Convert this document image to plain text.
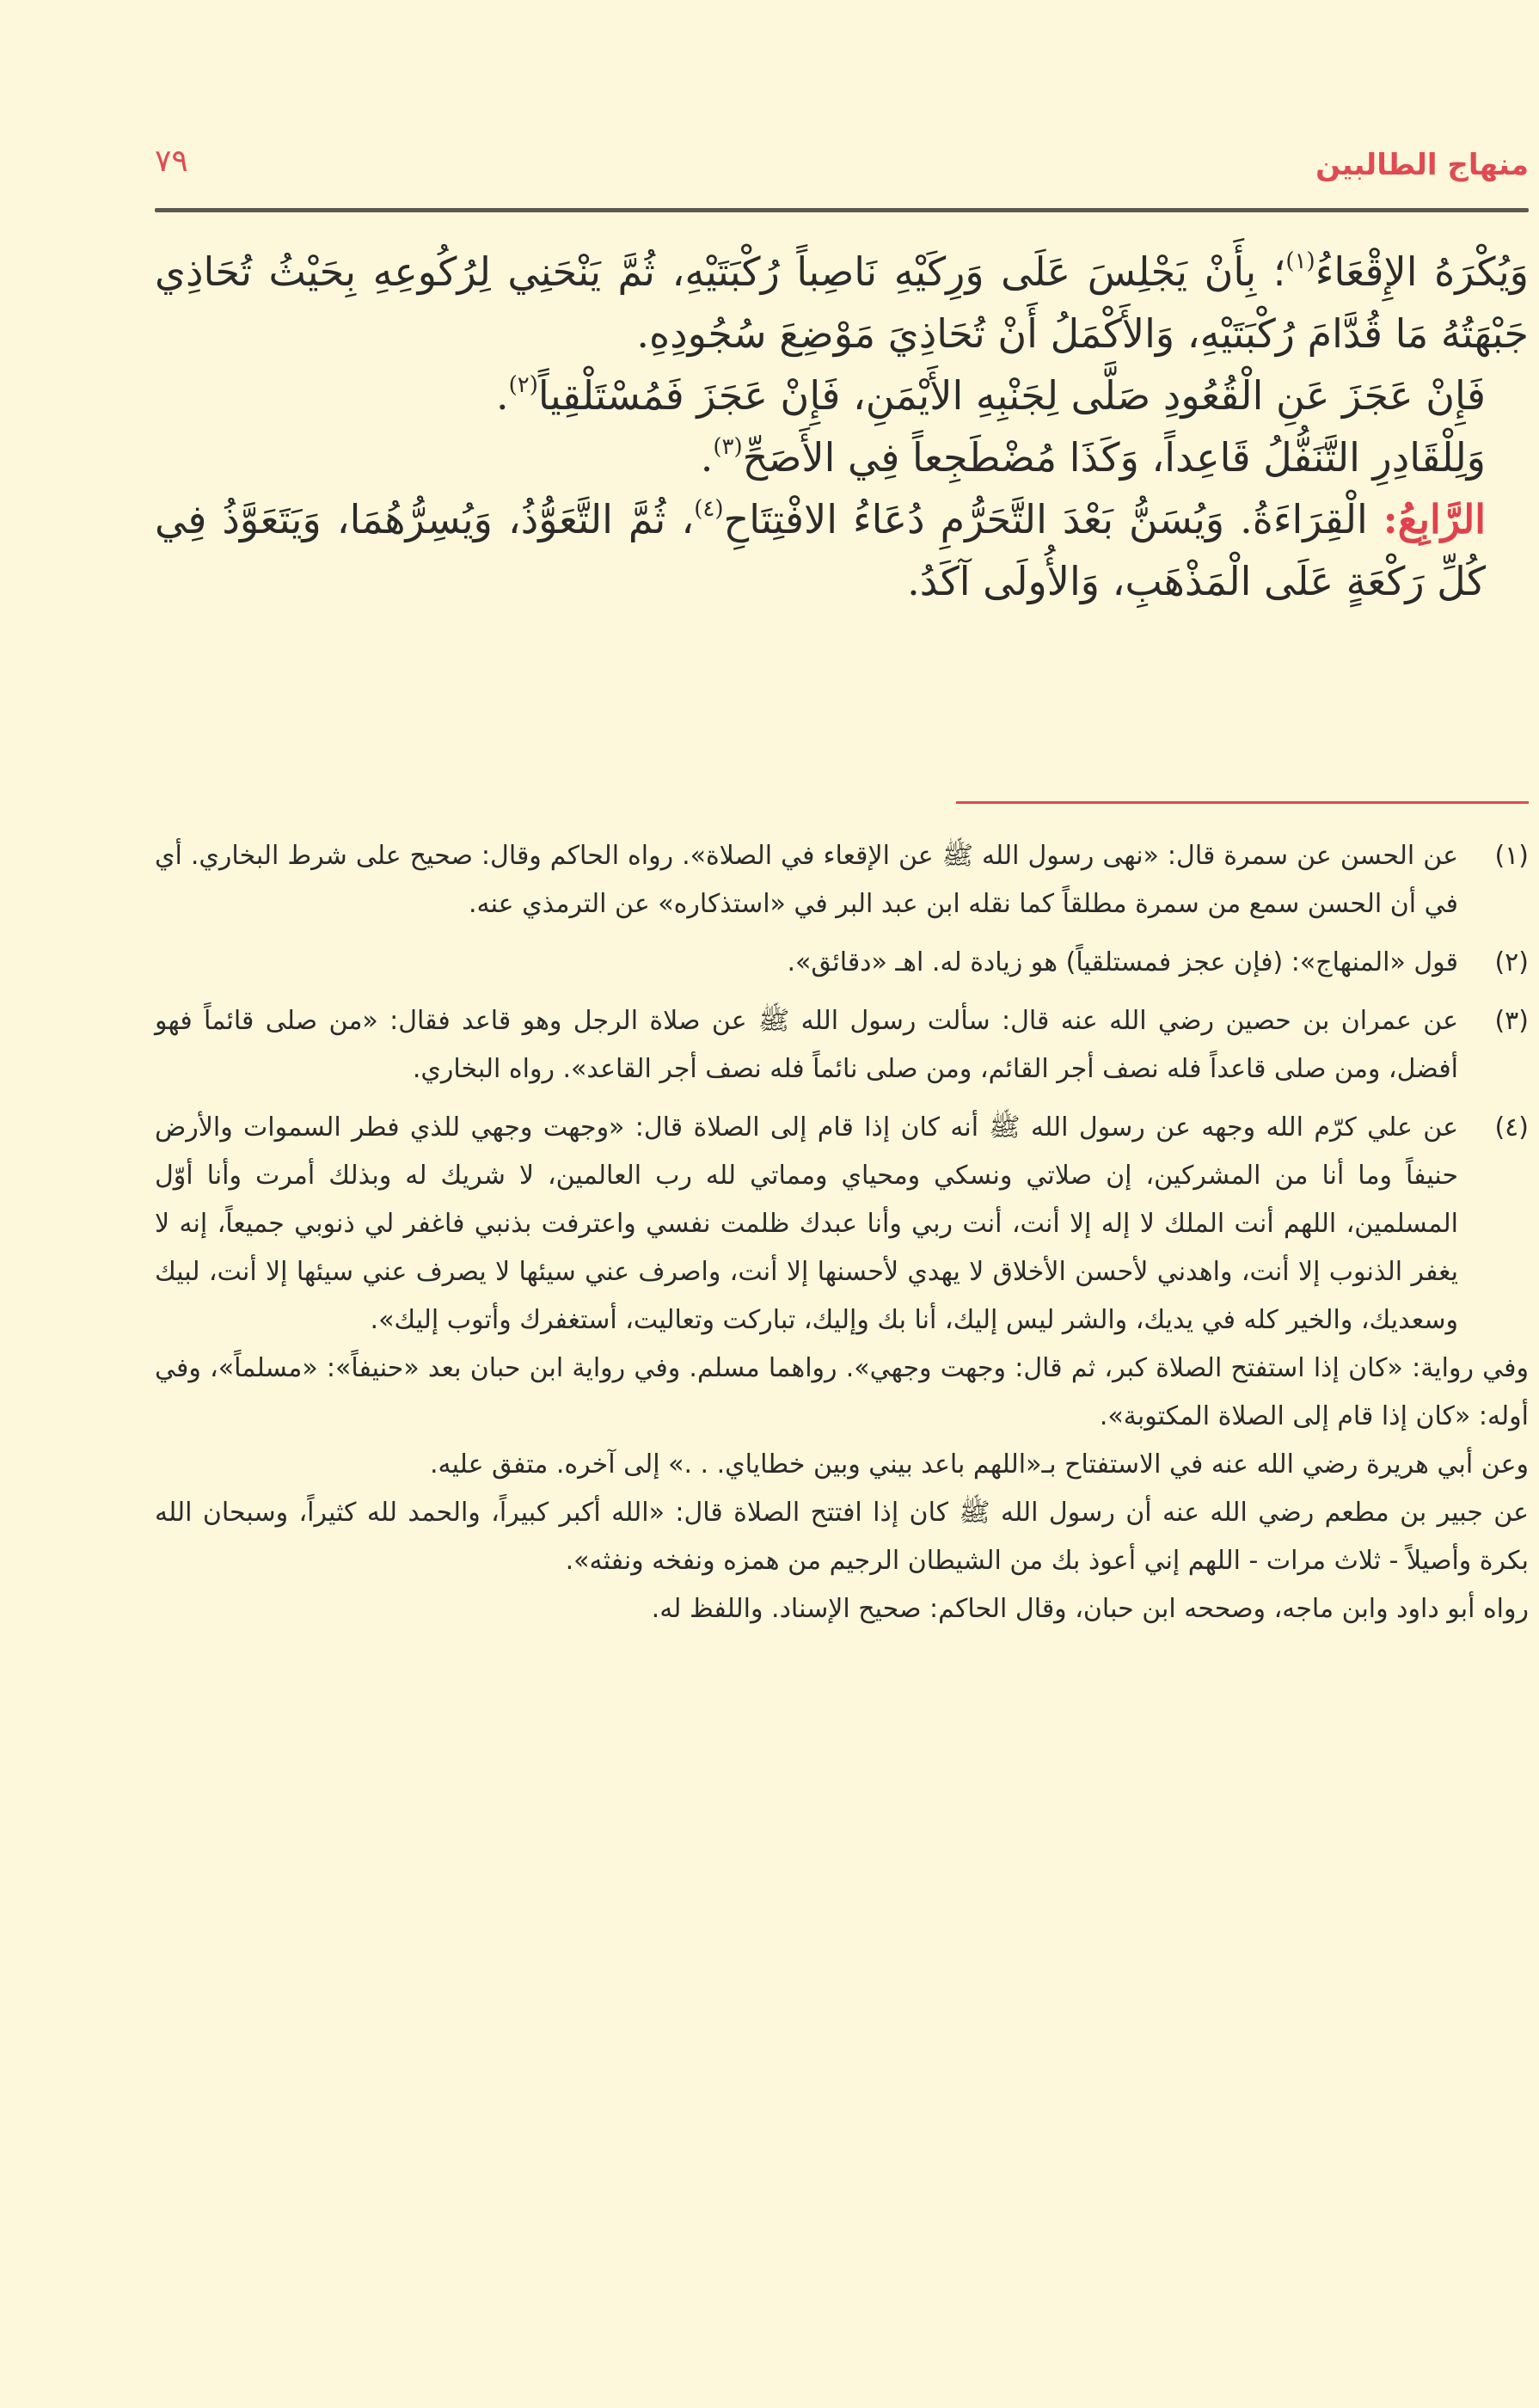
منهاج الطالبين
٧٩

وَيُكْرَهُ الإِقْعَاءُ$^{(١)}$؛ بِأَنْ يَجْلِسَ عَلَى وَرِكَيْهِ نَاصِباً رُكْبَتَيْهِ، ثُمَّ يَنْحَنِي لِرُكُوعِهِ بِحَيْثُ تُحَاذِي جَبْهَتُهُ مَا قُدَّامَ رُكْبَتَيْهِ، وَالأَكْمَلُ أَنْ تُحَاذِيَ مَوْضِعَ سُجُودِهِ.

فَإِنْ عَجَزَ عَنِ الْقُعُودِ صَلَّى لِجَنْبِهِ الأَيْمَنِ، فَإِنْ عَجَزَ فَمُسْتَلْقِياً$^{(٢)}$.

وَلِلْقَادِرِ التَّنَفُّلُ قَاعِداً، وَكَذَا مُضْطَجِعاً فِي الأَصَحِّ$^{(٣)}$.

الرَّابِعُ: الْقِرَاءَةُ. وَيُسَنُّ بَعْدَ التَّحَرُّمِ دُعَاءُ الافْتِتَاحِ$^{(٤)}$، ثُمَّ التَّعَوُّذُ، وَيُسِرُّهُمَا، وَيَتَعَوَّذُ فِي كُلِّ رَكْعَةٍ عَلَى الْمَذْهَبِ، وَالأُولَى آكَدُ.

(١)

عن الحسن عن سمرة قال: «نهى رسول الله ﷺ عن الإقعاء في الصلاة». رواه الحاكم وقال: صحيح على شرط البخاري. أي في أن الحسن سمع من سمرة مطلقاً كما نقله ابن عبد البر في «استذكاره» عن الترمذي عنه.

(٢)

قول «المنهاج»: (فإن عجز فمستلقياً) هو زيادة له. اهـ «دقائق».

(٣)

عن عمران بن حصين رضي الله عنه قال: سألت رسول الله ﷺ عن صلاة الرجل وهو قاعد فقال: «من صلى قائماً فهو أفضل، ومن صلى قاعداً فله نصف أجر القائم، ومن صلى نائماً فله نصف أجر القاعد». رواه البخاري.

(٤)

عن علي كرّم الله وجهه عن رسول الله ﷺ أنه كان إذا قام إلى الصلاة قال: «وجهت وجهي للذي فطر السموات والأرض حنيفاً وما أنا من المشركين، إن صلاتي ونسكي ومحياي ومماتي لله رب العالمين، لا شريك له وبذلك أمرت وأنا أوّل المسلمين، اللهم أنت الملك لا إله إلا أنت، أنت ربي وأنا عبدك ظلمت نفسي واعترفت بذنبي فاغفر لي ذنوبي جميعاً، إنه لا يغفر الذنوب إلا أنت، واهدني لأحسن الأخلاق لا يهدي لأحسنها إلا أنت، واصرف عني سيئها لا يصرف عني سيئها إلا أنت، لبيك وسعديك، والخير كله في يديك، والشر ليس إليك، أنا بك وإليك، تباركت وتعاليت، أستغفرك وأتوب إليك».

وفي رواية: «كان إذا استفتح الصلاة كبر، ثم قال: وجهت وجهي». رواهما مسلم. وفي رواية ابن حبان بعد «حنيفاً»: «مسلماً»، وفي أوله: «كان إذا قام إلى الصلاة المكتوبة».

وعن أبي هريرة رضي الله عنه في الاستفتاح بـ«اللهم باعد بيني وبين خطاياي. . .» إلى آخره. متفق عليه.

عن جبير بن مطعم رضي الله عنه أن رسول الله ﷺ كان إذا افتتح الصلاة قال: «الله أكبر كبيراً، والحمد لله كثيراً، وسبحان الله بكرة وأصيلاً - ثلاث مرات - اللهم إني أعوذ بك من الشيطان الرجيم من همزه ونفخه ونفثه».

رواه أبو داود وابن ماجه، وصححه ابن حبان، وقال الحاكم: صحيح الإسناد. واللفظ له.
